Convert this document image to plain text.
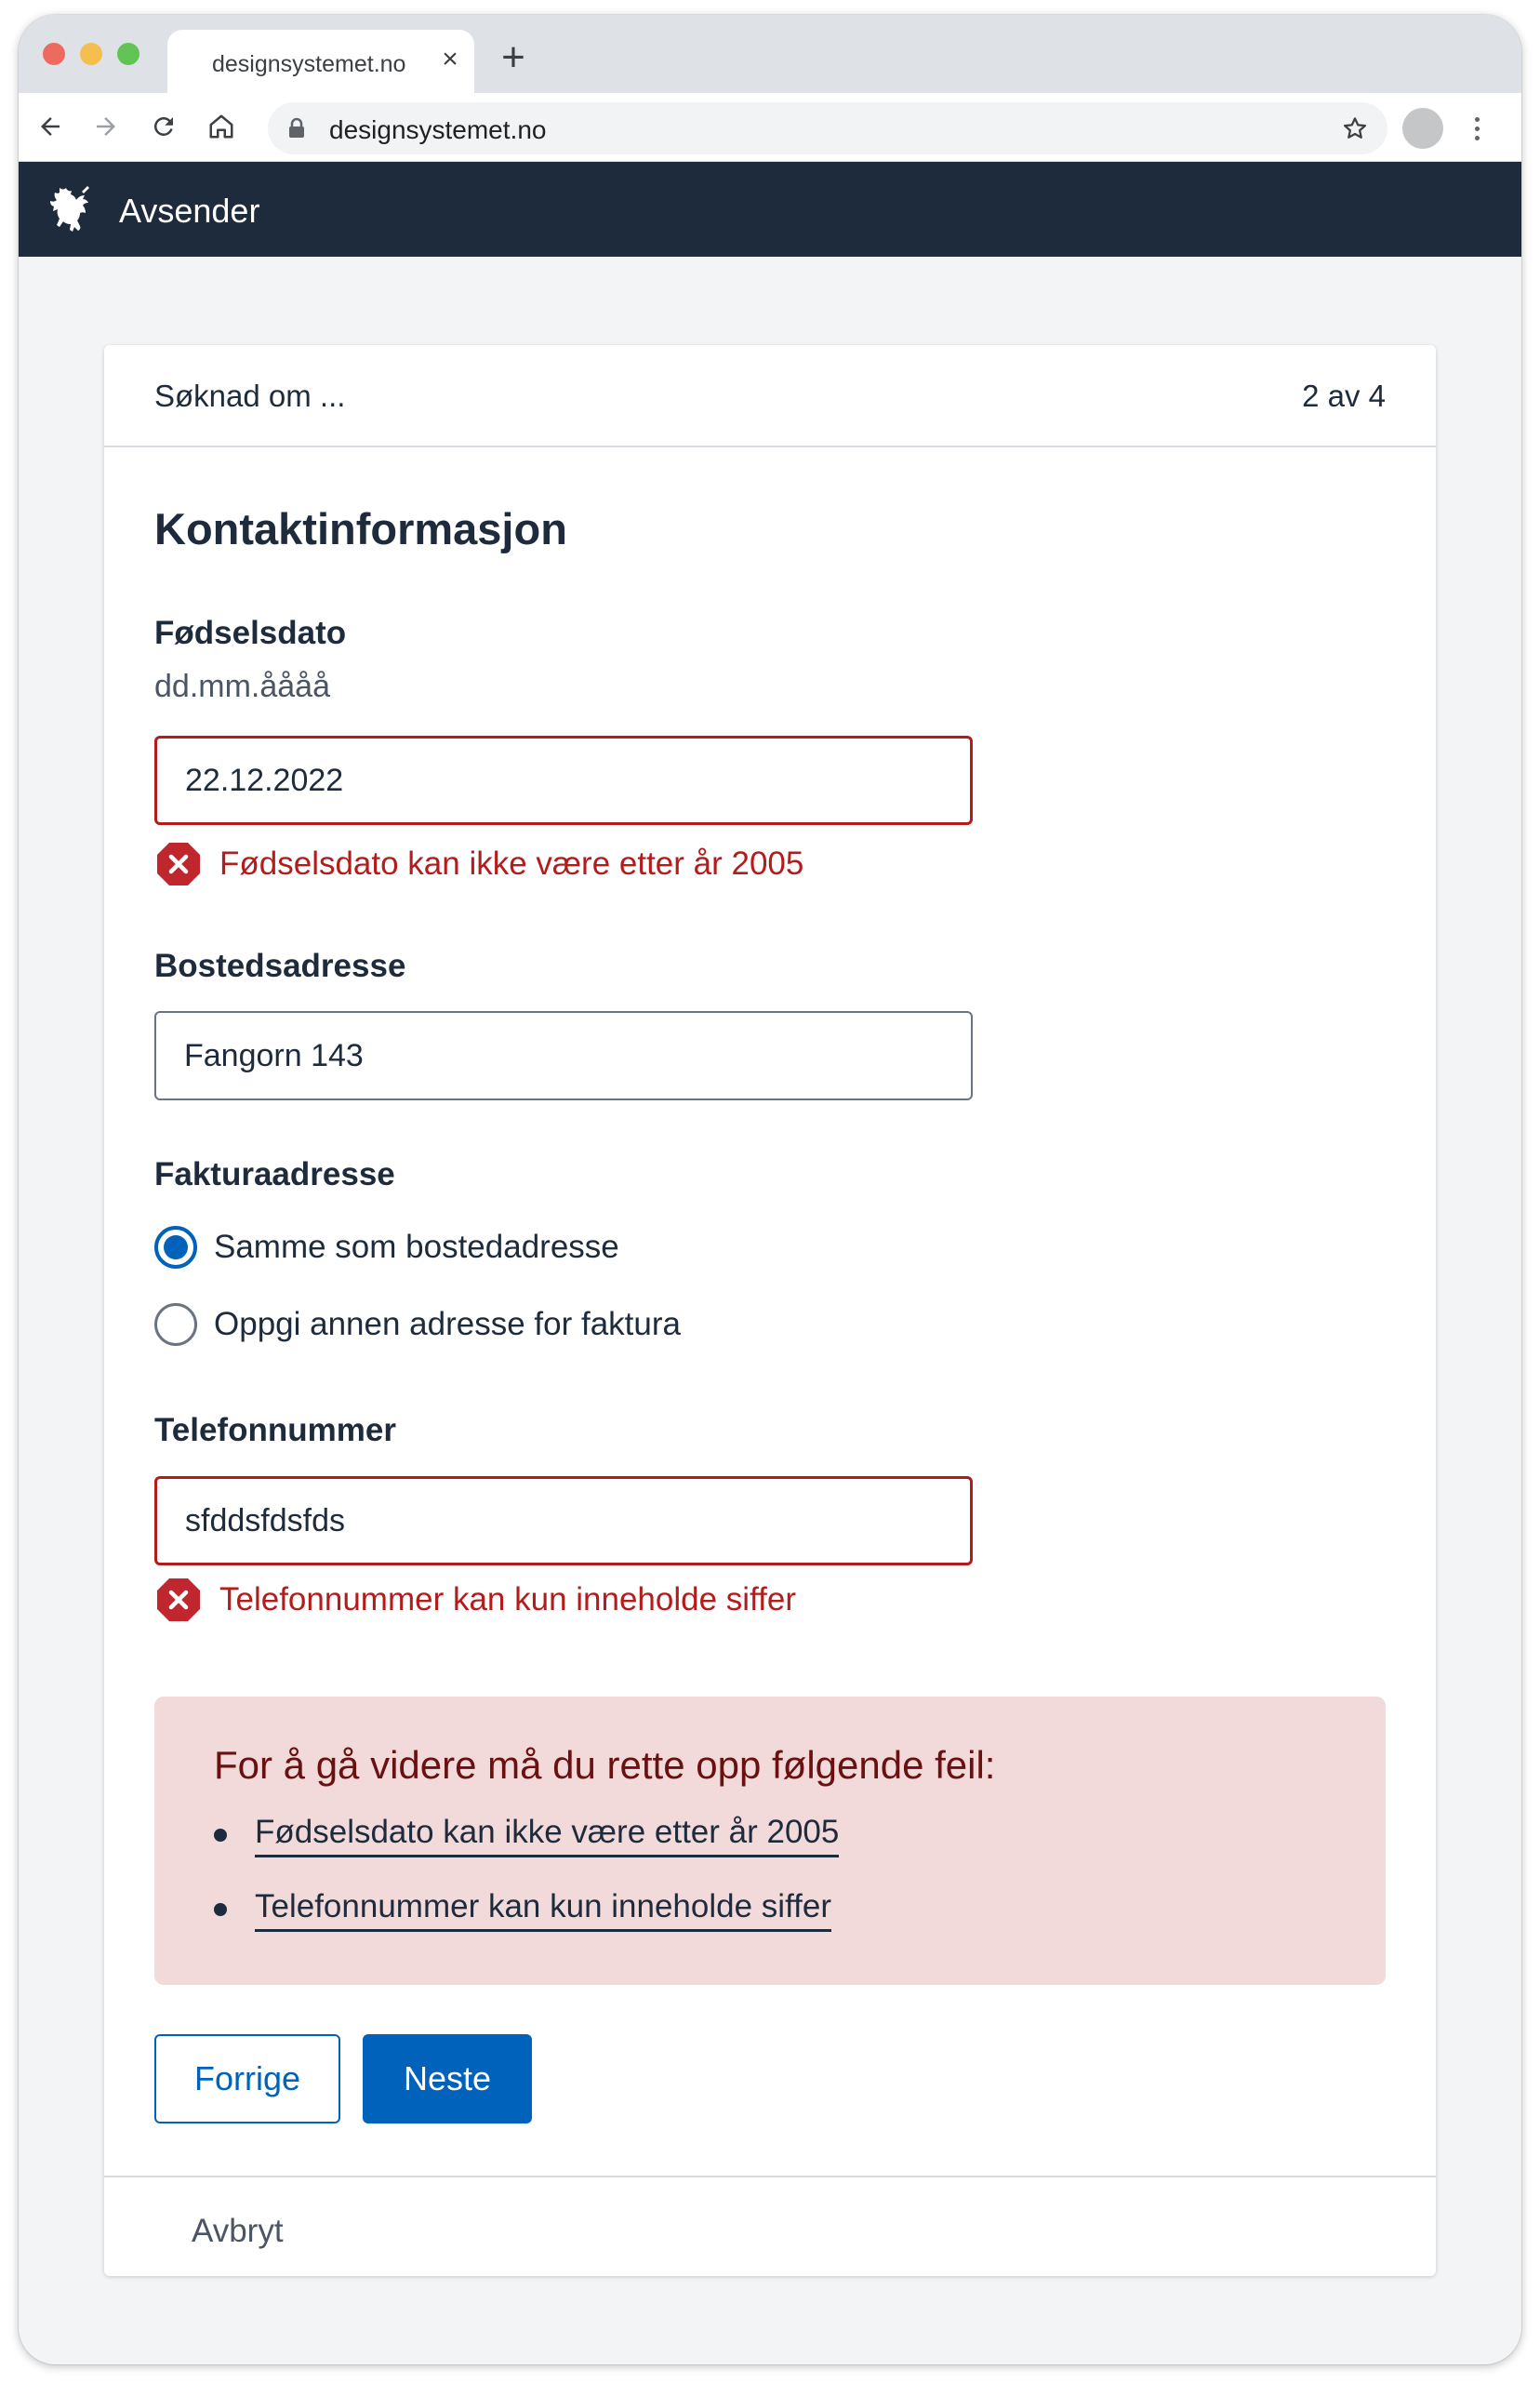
designsystemet.no	× +
designsystemet.no
Avsender
Søknad om ...	2 av 4
Kontaktinformasjon
Fødselsdato
dd.mm.åååå
22.12.2022
Fødselsdato kan ikke være etter år 2005
Bostedsadresse
Fangorn 143
Fakturaadresse
Samme som bostedadresse
Oppgi annen adresse for faktura
Telefonnummer
sfddsfdsfds
Telefonnummer kan kun inneholde siffer
For å gå videre må du rette opp følgende feil:
Fødselsdato kan ikke være etter år 2005
Telefonnummer kan kun inneholde siffer
Forrige	Neste
Avbryt
